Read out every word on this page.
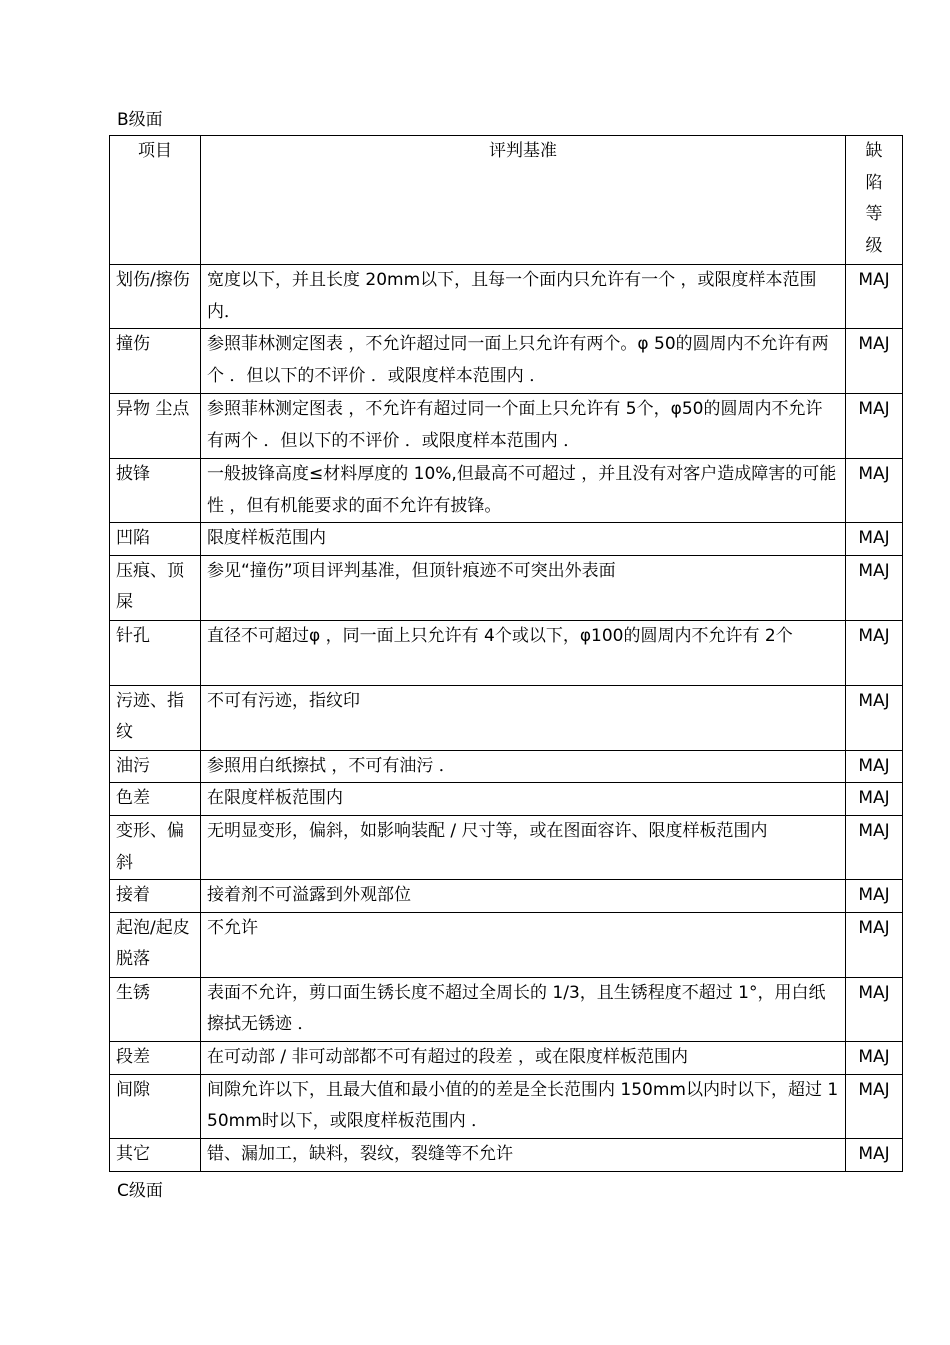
B级面
项目	评判基准	缺陷等级
划伤/擦伤	宽度以下，并且长度 20mm以下，且每一个面内只允许有一个 ，或限度样本范围内．	MAJ
撞伤	参照菲林测定图表 ，不允许超过同一面上只允许有两个。φ 50的圆周内不允许有两个 ．但以下的不评价 ．或限度样本范围内 ．	MAJ
异物 尘点	参照菲林测定图表 ，不允许有超过同一个面上只允许有 5个，φ50的圆周内不允许有两个 ．但以下的不评价 ．或限度样本范围内 ．	MAJ
披锋	一般披锋高度≤材料厚度的 10%,但最高不可超过 ，并且没有对客户造成障害的可能性 ，但有机能要求的面不允许有披锋。	MAJ
凹陷	限度样板范围内	MAJ
压痕、顶屎	参见“撞伤”项目评判基准，但顶针痕迹不可突出外表面	MAJ
针孔	直径不可超过φ ，同一面上只允许有 4个或以下，φ100的圆周内不允许有 2个	MAJ
污迹、指纹	不可有污迹，指纹印	MAJ
油污	参照用白纸擦拭 ，不可有油污 ．	MAJ
色差	在限度样板范围内	MAJ
变形、偏斜	无明显变形，偏斜，如影响装配 / 尺寸等，或在图面容许、限度样板范围内	MAJ
接着	接着剂不可溢露到外观部位	MAJ
起泡/起皮脱落	不允许	MAJ
生锈	表面不允许，剪口面生锈长度不超过全周长的 1/3，且生锈程度不超过 1°，用白纸擦拭无锈迹 ．	MAJ
段差	在可动部 / 非可动部都不可有超过的段差 ，或在限度样板范围内	MAJ
间隙	间隙允许以下，且最大值和最小值的的差是全长范围内 150mm以内时以下，超过 150mm时以下，或限度样板范围内 ．	MAJ
其它	错、漏加工，缺料，裂纹，裂缝等不允许	MAJ
C级面
